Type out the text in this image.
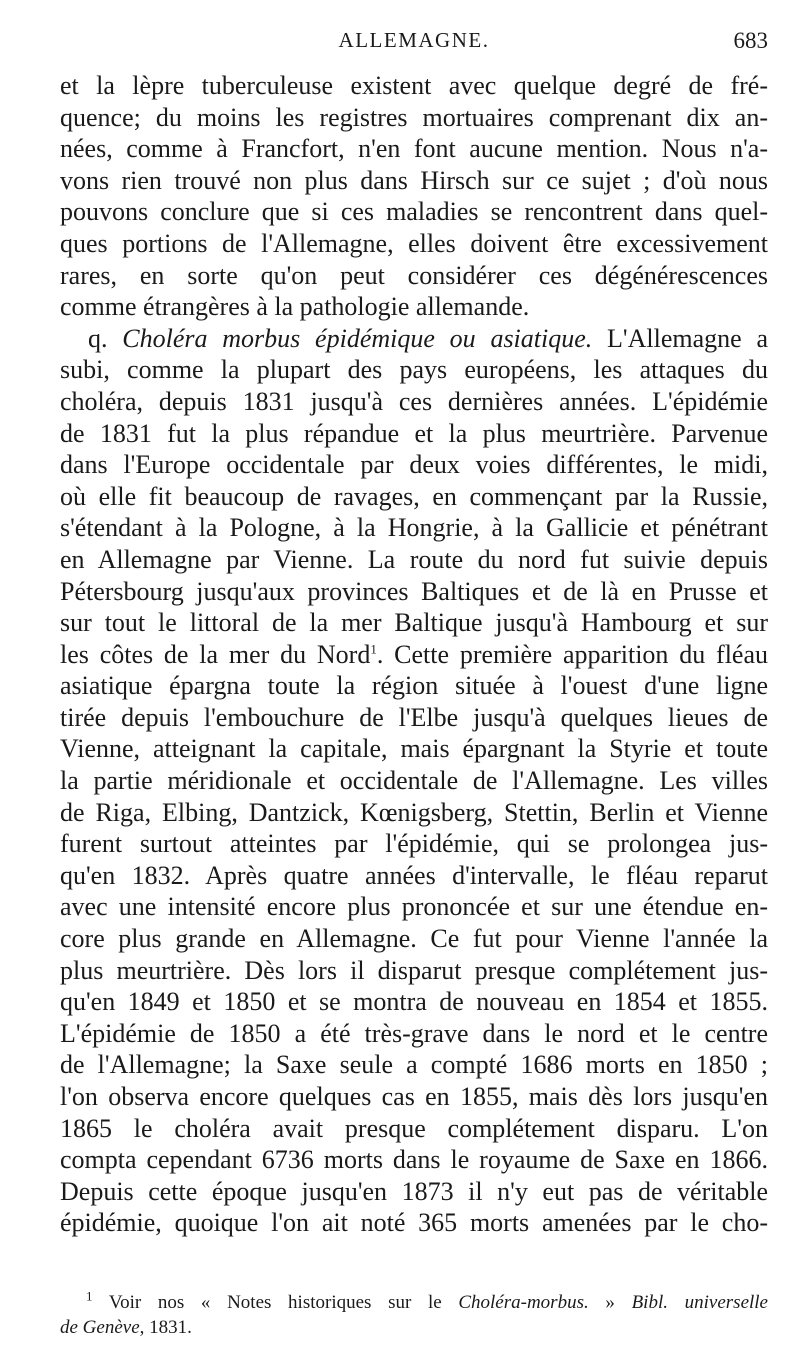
ALLEMAGNE.	683
et la lèpre tuberculeuse existent avec quelque degré de fré-
quence; du moins les registres mortuaires comprenant dix an-
nées, comme à Francfort, n'en font aucune mention. Nous n'a-
vons rien trouvé non plus dans Hirsch sur ce sujet ; d'où nous
pouvons conclure que si ces maladies se rencontrent dans quel-
ques portions de l'Allemagne, elles doivent être excessivement
rares, en sorte qu'on peut considérer ces dégénérescences
comme étrangères à la pathologie allemande.
q. Choléra morbus épidémique ou asiatique. L'Allemagne a
subi, comme la plupart des pays européens, les attaques du
choléra, depuis 1831 jusqu'à ces dernières années. L'épidémie
de 1831 fut la plus répandue et la plus meurtrière. Parvenue
dans l'Europe occidentale par deux voies différentes, le midi,
où elle fit beaucoup de ravages, en commençant par la Russie,
s'étendant à la Pologne, à la Hongrie, à la Gallicie et pénétrant
en Allemagne par Vienne. La route du nord fut suivie depuis
Pétersbourg jusqu'aux provinces Baltiques et de là en Prusse et
sur tout le littoral de la mer Baltique jusqu'à Hambourg et sur
les côtes de la mer du Nord$^1$. Cette première apparition du fléau
asiatique épargna toute la région située à l'ouest d'une ligne
tirée depuis l'embouchure de l'Elbe jusqu'à quelques lieues de
Vienne, atteignant la capitale, mais épargnant la Styrie et toute
la partie méridionale et occidentale de l'Allemagne. Les villes
de Riga, Elbing, Dantzick, Kœnigsberg, Stettin, Berlin et Vienne
furent surtout atteintes par l'épidémie, qui se prolongea jus-
qu'en 1832. Après quatre années d'intervalle, le fléau reparut
avec une intensité encore plus prononcée et sur une étendue en-
core plus grande en Allemagne. Ce fut pour Vienne l'année la
plus meurtrière. Dès lors il disparut presque complétement jus-
qu'en 1849 et 1850 et se montra de nouveau en 1854 et 1855.
L'épidémie de 1850 a été très-grave dans le nord et le centre
de l'Allemagne; la Saxe seule a compté 1686 morts en 1850 ;
l'on observa encore quelques cas en 1855, mais dès lors jusqu'en
1865 le choléra avait presque complétement disparu. L'on
compta cependant 6736 morts dans le royaume de Saxe en 1866.
Depuis cette époque jusqu'en 1873 il n'y eut pas de véritable
épidémie, quoique l'on ait noté 365 morts amenées par le cho-
$^1$ Voir nos « Notes historiques sur le Choléra-morbus. » Bibl. universelle
de Genève, 1831.
